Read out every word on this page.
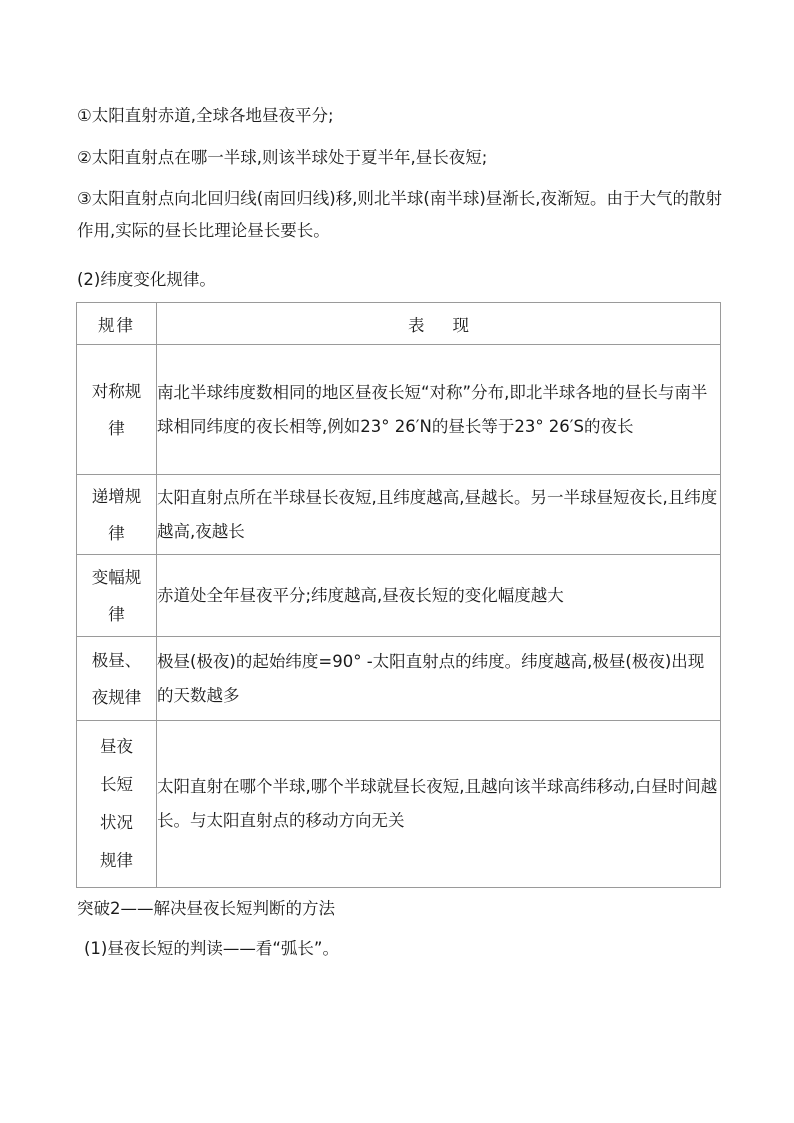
①太阳直射赤道,全球各地昼夜平分;
②太阳直射点在哪一半球,则该半球处于夏半年,昼长夜短;
③太阳直射点向北回归线(南回归线)移,则北半球(南半球)昼渐长,夜渐短。由于大气的散射作用,实际的昼长比理论昼长要长。
(2)纬度变化规律。
规律	表现
对称规律	南北半球纬度数相同的地区昼夜长短“对称”分布,即北半球各地的昼长与南半球相同纬度的夜长相等,例如23° 26′N的昼长等于23° 26′S的夜长
递增规律	太阳直射点所在半球昼长夜短,且纬度越高,昼越长。另一半球昼短夜长,且纬度越高,夜越长
变幅规律	赤道处全年昼夜平分;纬度越高,昼夜长短的变化幅度越大
极昼、夜规律	极昼(极夜)的起始纬度=90° -太阳直射点的纬度。纬度越高,极昼(极夜)出现的天数越多
昼夜长短状况规律	太阳直射在哪个半球,哪个半球就昼长夜短,且越向该半球高纬移动,白昼时间越长。与太阳直射点的移动方向无关
突破2——解决昼夜长短判断的方法
(1)昼夜长短的判读——看“弧长”。
